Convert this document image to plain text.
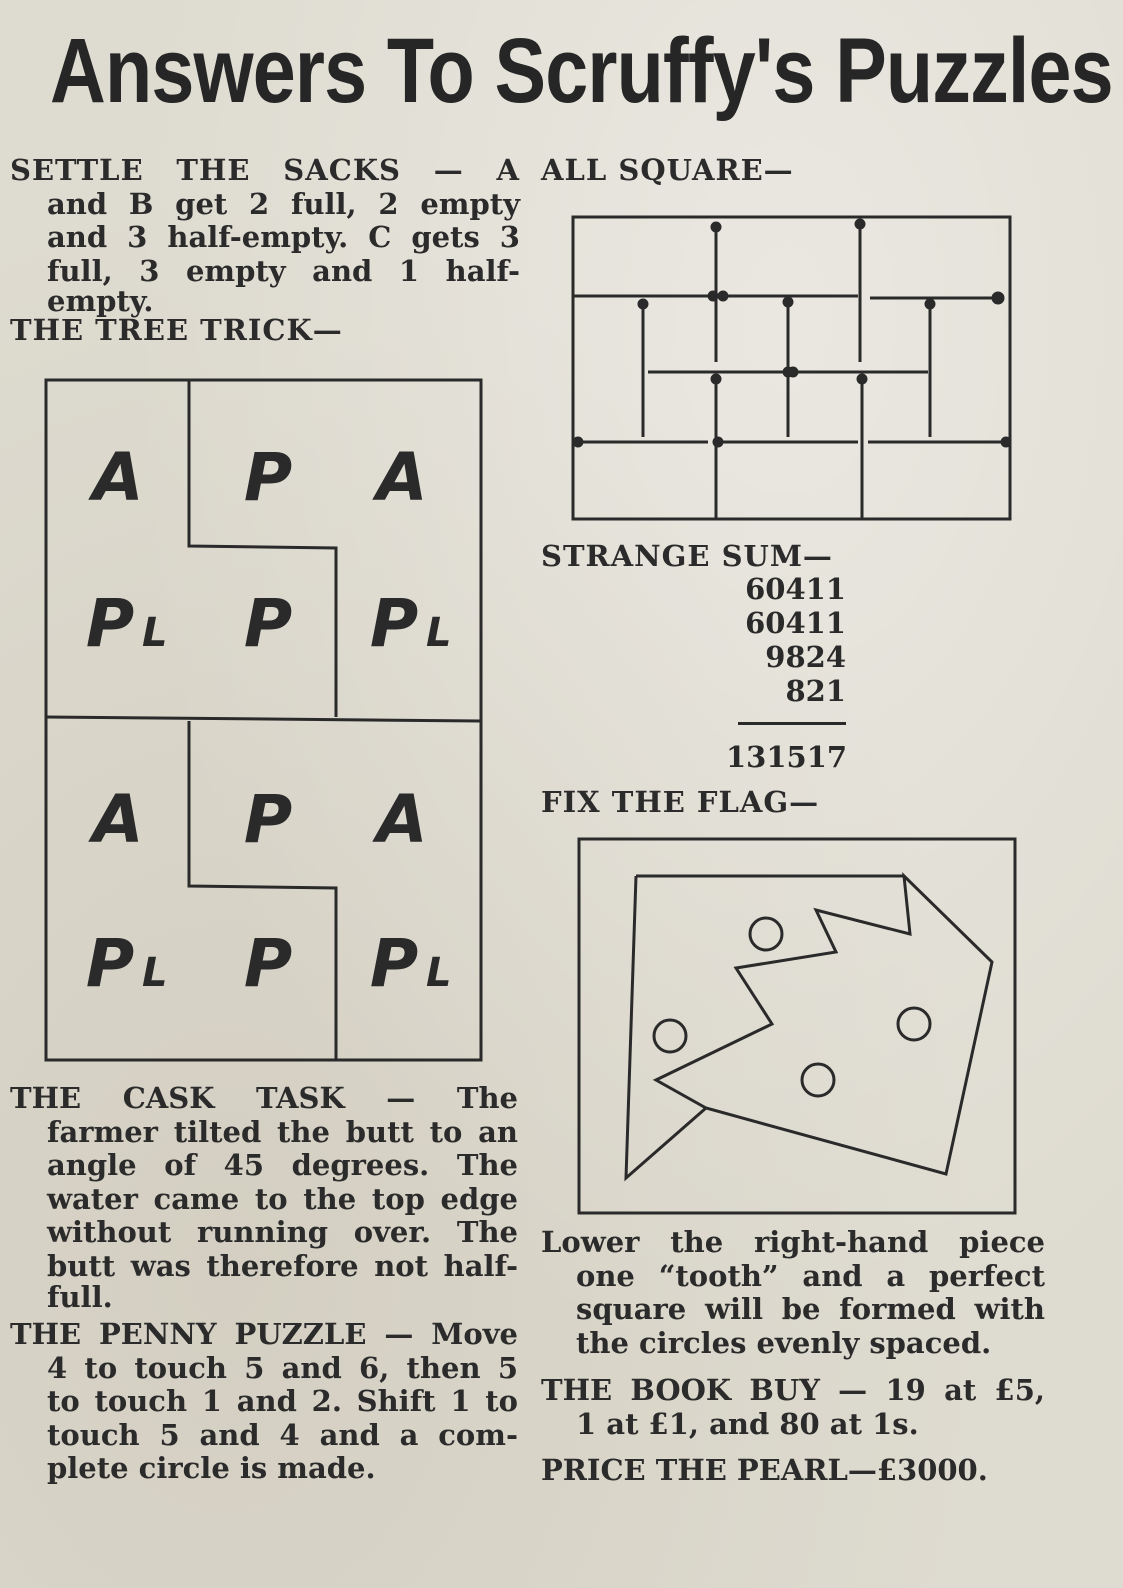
Answers To Scruffy's Puzzles
SETTLE THE SACKS — A
and B get 2 full, 2 empty
and 3 half-empty. C gets 3
full, 3 empty and 1 half-
empty.
THE TREE TRICK—
A P A
P L P P L
A P A
P L P P L
THE CASK TASK — The
farmer tilted the butt to an
angle of 45 degrees. The
water came to the top edge
without running over. The
butt was therefore not half-
full.
THE PENNY PUZZLE — Move
4 to touch 5 and 6, then 5
to touch 1 and 2. Shift 1 to
touch 5 and 4 and a com-
plete circle is made.
ALL SQUARE—
STRANGE SUM—
60411
60411
9824
821
131517
FIX THE FLAG—
Lower the right-hand piece
one “tooth” and a perfect
square will be formed with
the circles evenly spaced.
THE BOOK BUY — 19 at £5,
1 at £1, and 80 at 1s.
PRICE THE PEARL—£3000.
